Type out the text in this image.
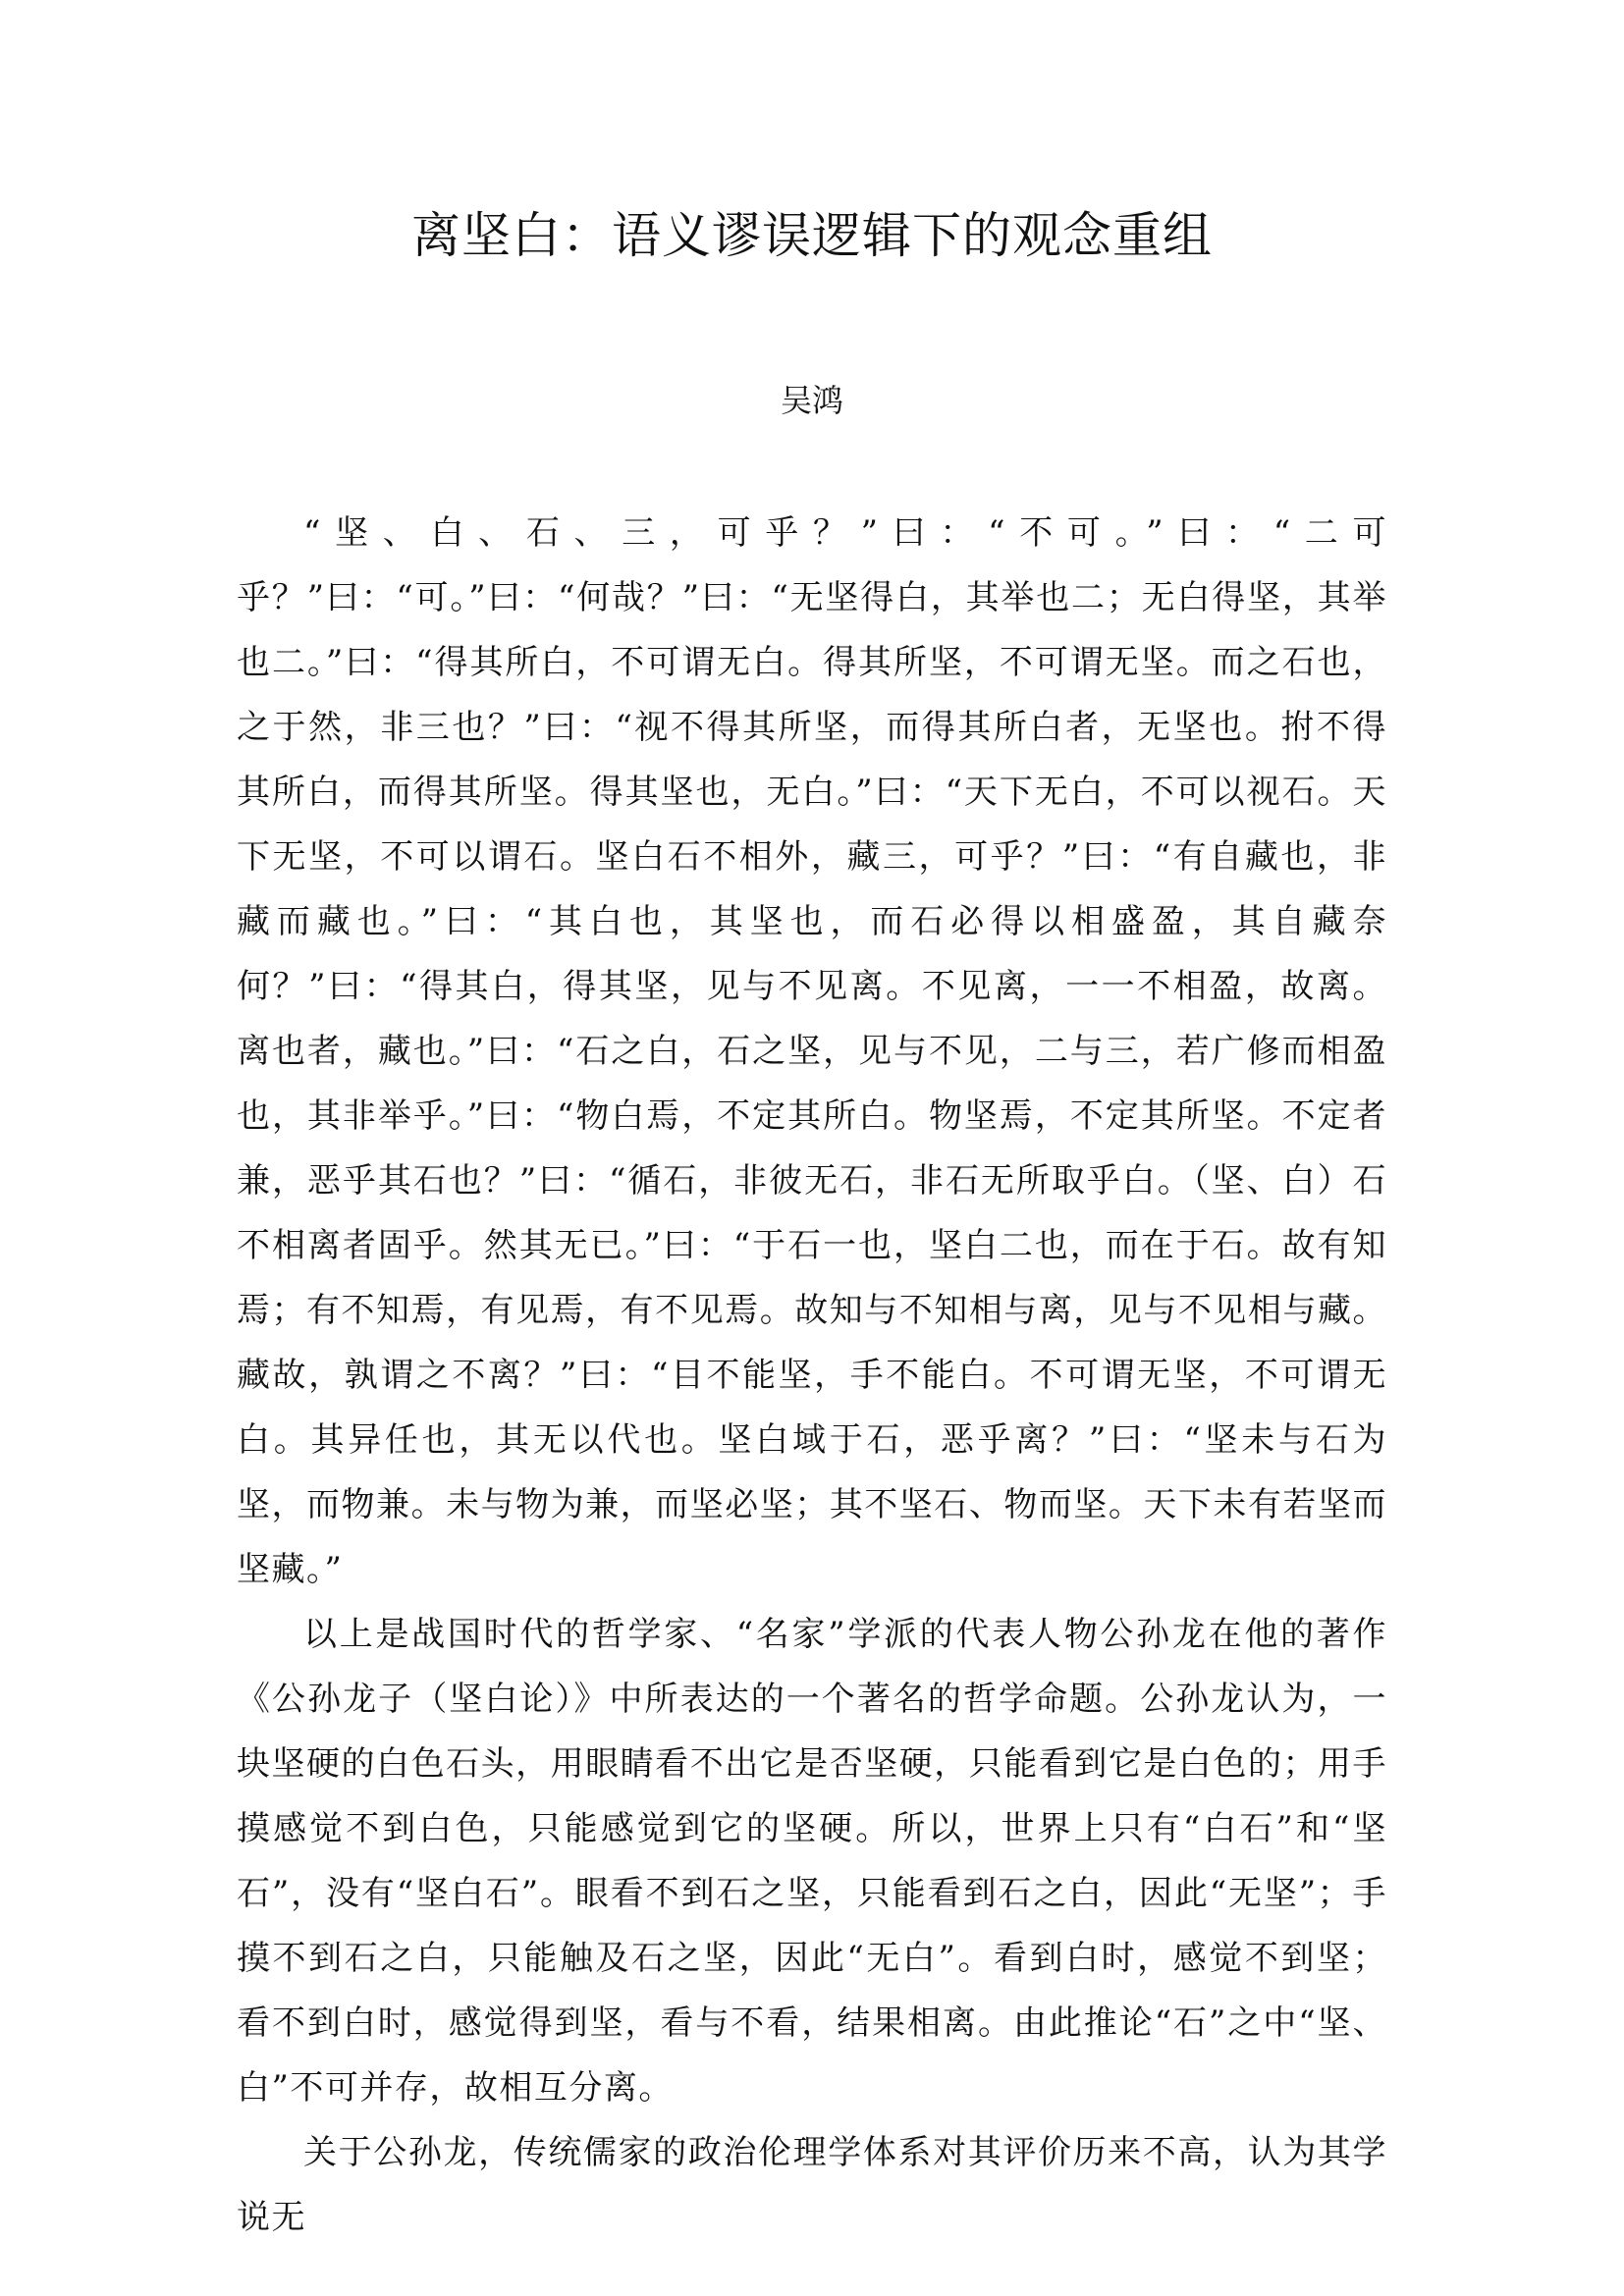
离坚白：语义谬误逻辑下的观念重组

吴鸿

“坚、白、石、三，可乎？”曰：“不可。”曰：“二可乎？”曰：“可。”曰：“何哉？”曰：“无坚得白，其举也二；无白得坚，其举也二。”曰：“得其所白，不可谓无白。得其所坚，不可谓无坚。而之石也，之于然，非三也？”曰：“视不得其所坚，而得其所白者，无坚也。拊不得其所白，而得其所坚。得其坚也，无白。”曰：“天下无白，不可以视石。天下无坚，不可以谓石。坚白石不相外，藏三，可乎？”曰：“有自藏也，非藏而藏也。”曰：“其白也，其坚也，而石必得以相盛盈，其自藏奈何？”曰：“得其白，得其坚，见与不见离。不见离，一一不相盈，故离。离也者，藏也。”曰：“石之白，石之坚，见与不见，二与三，若广修而相盈也，其非举乎。”曰：“物白焉，不定其所白。物坚焉，不定其所坚。不定者兼，恶乎其石也？”曰：“循石，非彼无石，非石无所取乎白。（坚、白）石不相离者固乎。然其无已。”曰：“于石一也，坚白二也，而在于石。故有知焉；有不知焉，有见焉，有不见焉。故知与不知相与离，见与不见相与藏。藏故，孰谓之不离？”曰：“目不能坚，手不能白。不可谓无坚，不可谓无白。其异任也，其无以代也。坚白域于石，恶乎离？”曰：“坚未与石为坚，而物兼。未与物为兼，而坚必坚；其不坚石、物而坚。天下未有若坚而坚藏。”

以上是战国时代的哲学家、“名家”学派的代表人物公孙龙在他的著作《公孙龙子（坚白论）》中所表达的一个著名的哲学命题。公孙龙认为，一块坚硬的白色石头，用眼睛看不出它是否坚硬，只能看到它是白色的；用手摸感觉不到白色，只能感觉到它的坚硬。所以，世界上只有“白石”和“坚石”，没有“坚白石”。眼看不到石之坚，只能看到石之白，因此“无坚”；手摸不到石之白，只能触及石之坚，因此“无白”。看到白时，感觉不到坚；看不到白时，感觉得到坚，看与不看，结果相离。由此推论“石”之中“坚、白”不可并存，故相互分离。

关于公孙龙，传统儒家的政治伦理学体系对其评价历来不高，认为其学说无
